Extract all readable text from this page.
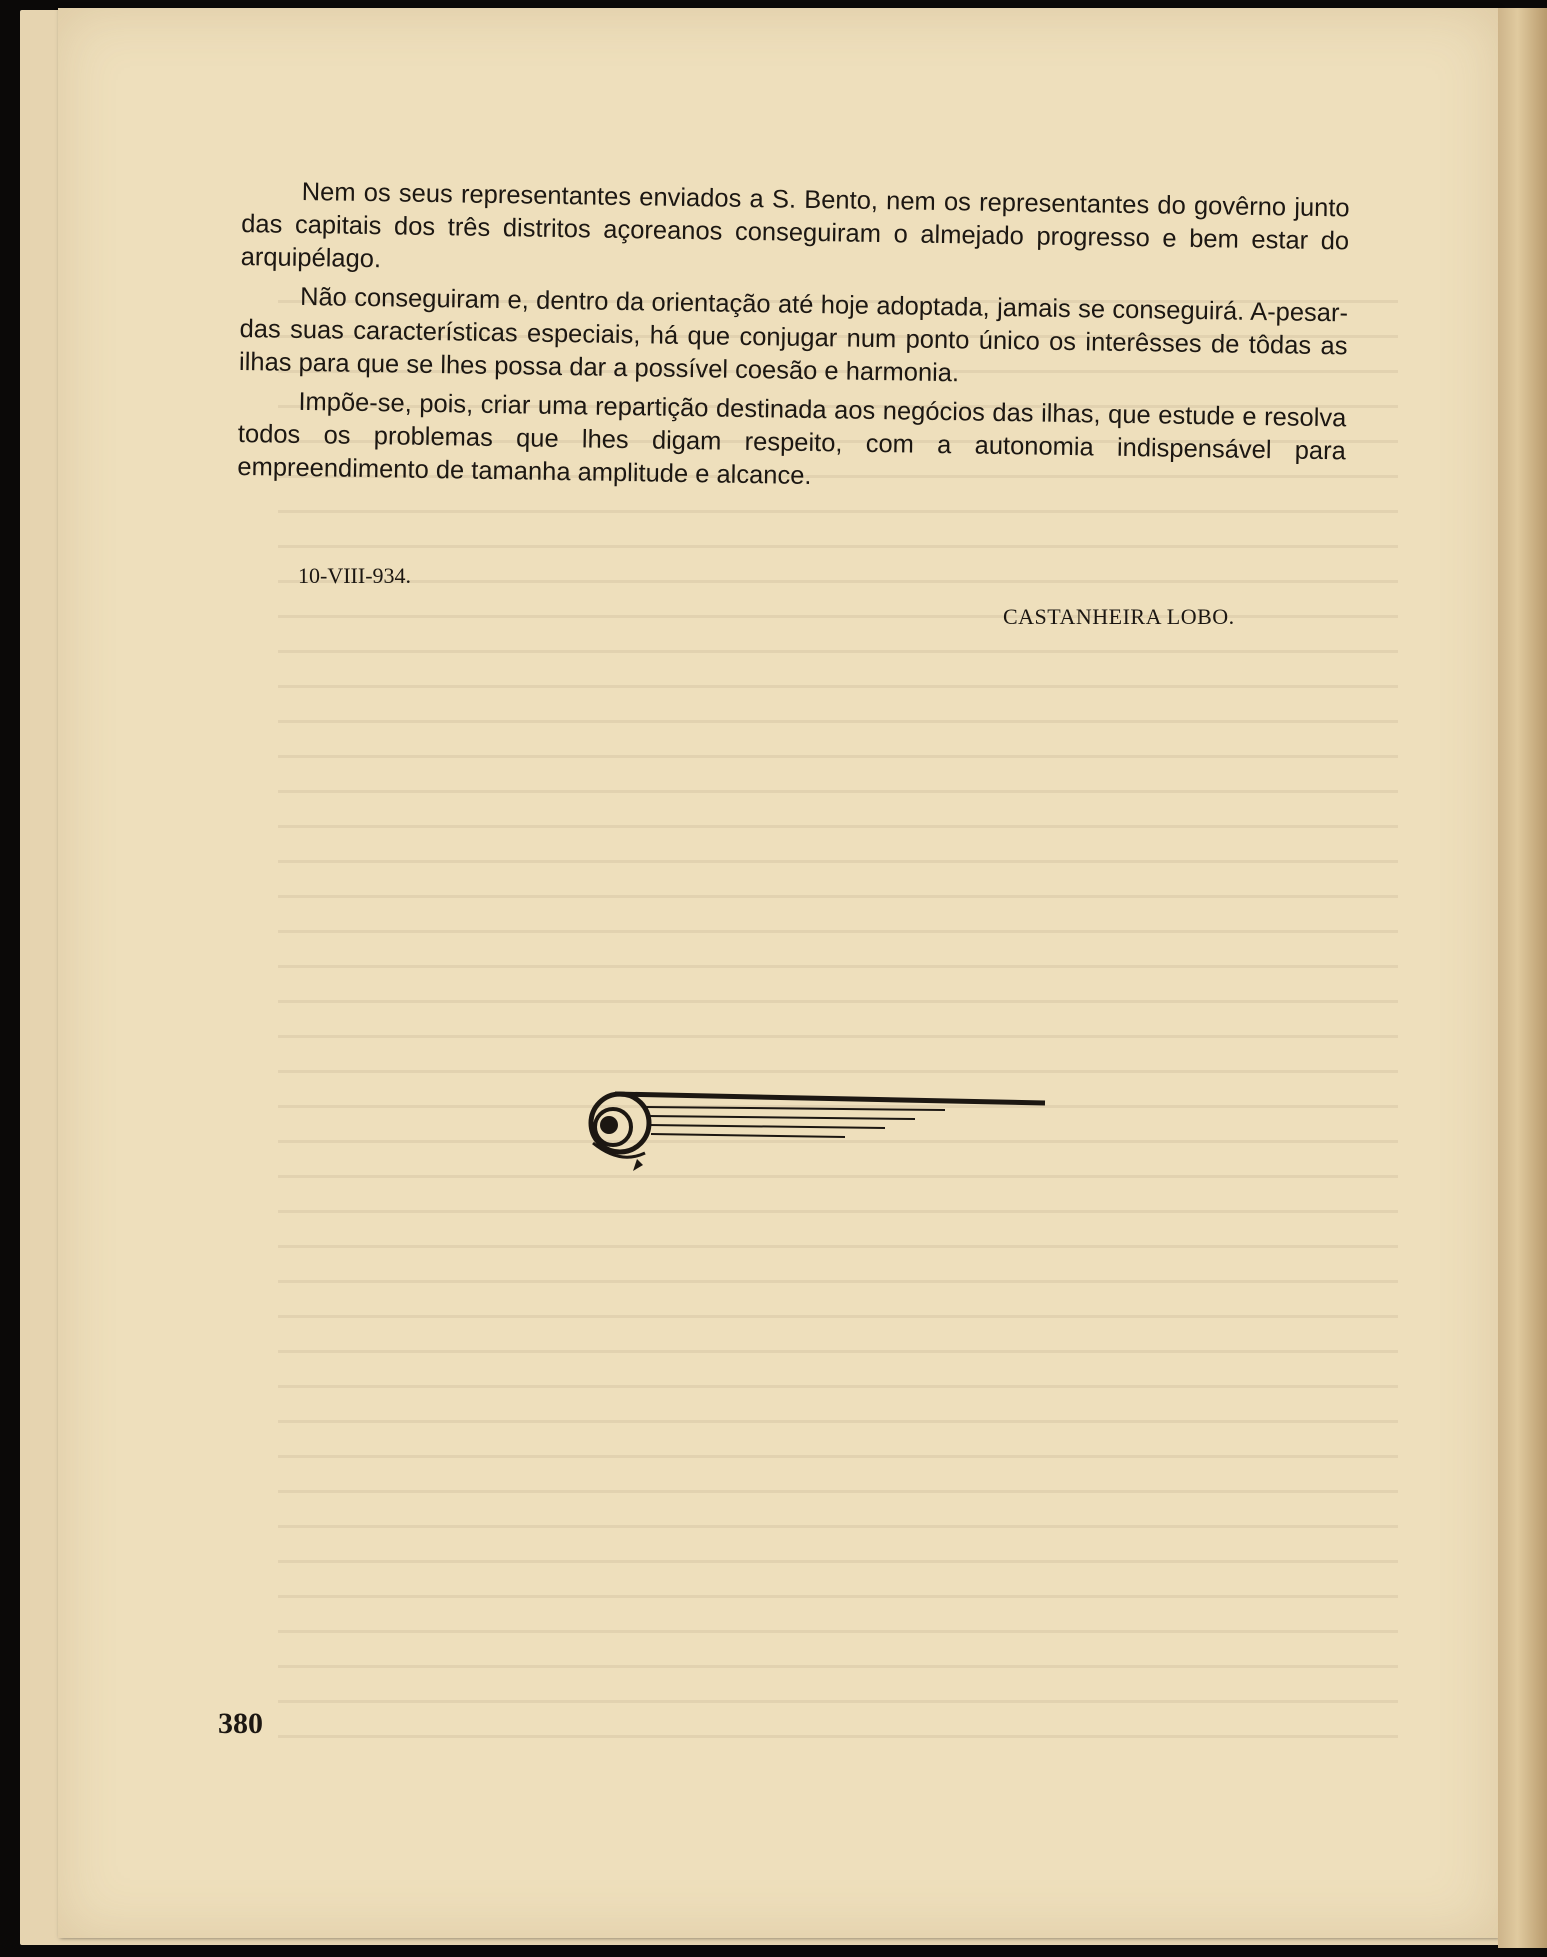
Nem os seus representantes enviados a S. Bento, nem os representantes do govêrno junto das capitais dos três distritos açoreanos conseguiram o almejado progresso e bem estar do arquipélago.

Não conseguiram e, dentro da orientação até hoje adoptada, jamais se conseguirá. A-pesar-das suas características especiais, há que conjugar num ponto único os interêsses de tôdas as ilhas para que se lhes possa dar a possível coesão e harmonia.

Impõe-se, pois, criar uma repartição destinada aos negócios das ilhas, que estude e resolva todos os problemas que lhes digam respeito, com a autonomia indispensável para empreendimento de tamanha amplitude e alcance.

10-VIII-934.
CASTANHEIRA LOBO.
380
